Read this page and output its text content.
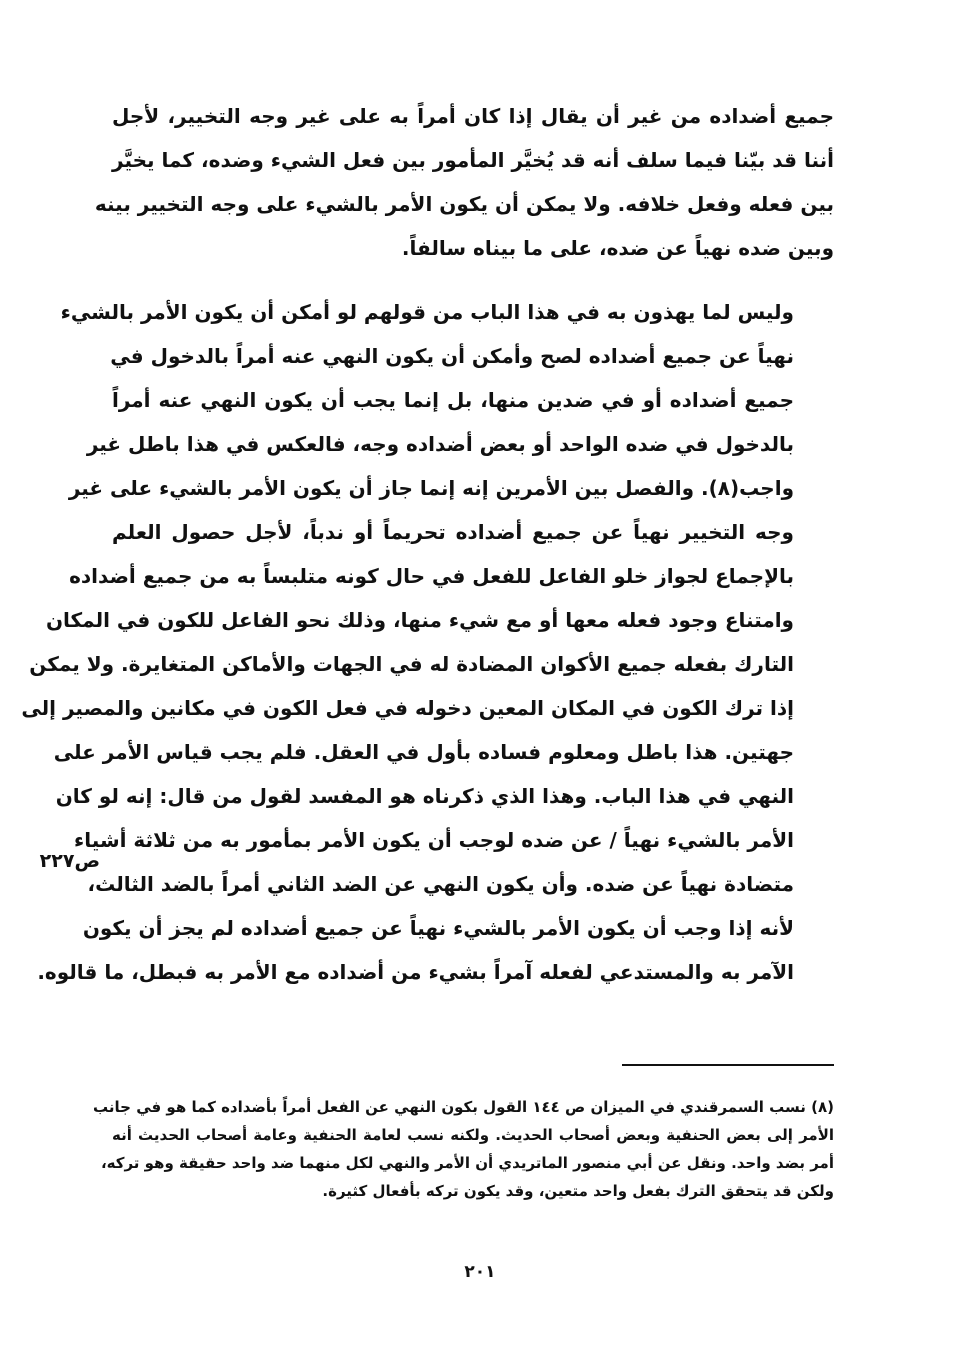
جميع أضداده من غير أن يقال إذا كان أمراً به على غير وجه التخيير، لأجل
أننا قد بيّنا فيما سلف أنه قد يُخيَّر المأمور بين فعل الشيء وضده، كما يخيَّر
بين فعله وفعل خلافه. ولا يمكن أن يكون الأمر بالشيء على وجه التخيير بينه
وبين ضده نهياً عن ضده، على ما بيناه سالفاً.

وليس لما يهذون به في هذا الباب من قولهم لو أمكن أن يكون الأمر بالشيء
نهياً عن جميع أضداده لصح وأمكن أن يكون النهي عنه أمراً بالدخول في
جميع أضداده أو في ضدين منها، بل إنما يجب أن يكون النهي عنه أمراً
بالدخول في ضده الواحد أو بعض أضداده وجه، فالعكس في هذا باطل غير
واجب(٨). والفصل بين الأمرين إنه إنما جاز أن يكون الأمر بالشيء على غير
وجه التخيير نهياً عن جميع أضداده تحريماً أو ندباً، لأجل حصول العلم
بالإجماع لجواز خلو الفاعل للفعل في حال كونه متلبساً به من جميع أضداده
وامتناع وجود فعله معها أو مع شيء منها، وذلك نحو الفاعل للكون في المكان
التارك بفعله جميع الأكوان المضادة له في الجهات والأماكن المتغايرة. ولا يمكن
إذا ترك الكون في المكان المعين دخوله في فعل الكون في مكانين والمصير إلى
جهتين. هذا باطل ومعلوم فساده بأول في العقل. فلم يجب قياس الأمر على
النهي في هذا الباب. وهذا الذي ذكرناه هو المفسد لقول من قال: إنه لو كان
الأمر بالشيء نهياً / عن ضده لوجب أن يكون الأمر بمأمور به من ثلاثة أشياء
متضادة نهياً عن ضده. وأن يكون النهي عن الضد الثاني أمراً بالضد الثالث،
لأنه إذا وجب أن يكون الأمر بالشيء نهياً عن جميع أضداده لم يجز أن يكون
الآمر به والمستدعي لفعله آمراً بشيء من أضداده مع الأمر به فبطل، ما قالوه.

ص٢٢٧
(٨) نسب السمرقندي في الميزان ص ١٤٤ القول بكون النهي عن الفعل أمراً بأضداده كما هو في جانب
الأمر إلى بعض الحنفية وبعض أصحاب الحديث. ولكنه نسب لعامة الحنفية وعامة أصحاب الحديث أنه
أمر بضد واحد. ونقل عن أبي منصور الماتريدي أن الأمر والنهي لكل منهما ضد واحد حقيقة وهو تركه،
ولكن قد يتحقق الترك بفعل واحد متعين، وقد يكون تركه بأفعال كثيرة.
٢٠١
